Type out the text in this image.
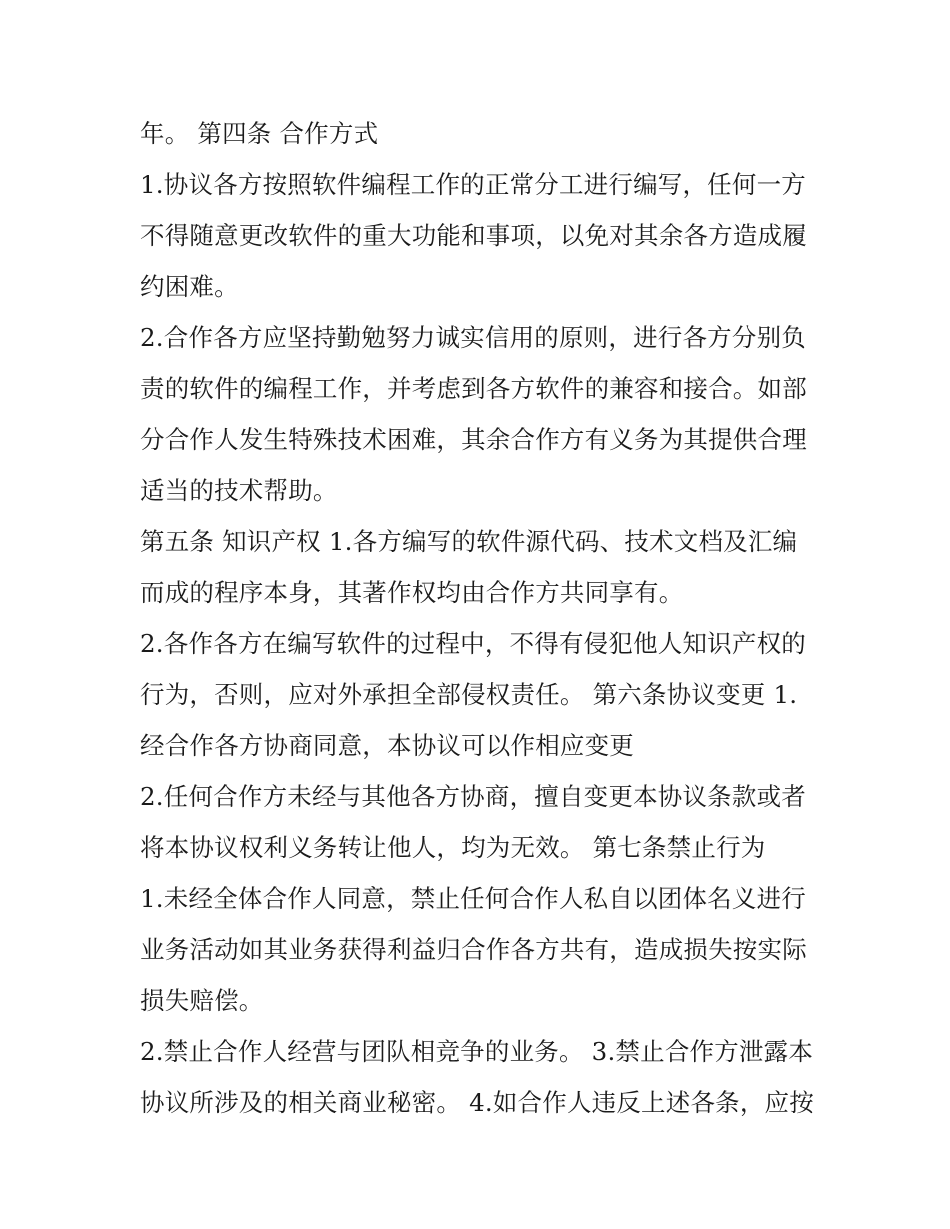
年。 第四条 合作方式
1.协议各方按照软件编程工作的正常分工进行编写，任何一方
不得随意更改软件的重大功能和事项，以免对其余各方造成履
约困难。
2.合作各方应坚持勤勉努力诚实信用的原则，进行各方分别负
责的软件的编程工作，并考虑到各方软件的兼容和接合。如部
分合作人发生特殊技术困难，其余合作方有义务为其提供合理
适当的技术帮助。
第五条 知识产权 1.各方编写的软件源代码、技术文档及汇编
而成的程序本身，其著作权均由合作方共同享有。
2.各作各方在编写软件的过程中，不得有侵犯他人知识产权的
行为，否则，应对外承担全部侵权责任。 第六条协议变更 1.
经合作各方协商同意，本协议可以作相应变更
2.任何合作方未经与其他各方协商，擅自变更本协议条款或者
将本协议权利义务转让他人，均为无效。 第七条禁止行为
1.未经全体合作人同意，禁止任何合作人私自以团体名义进行
业务活动如其业务获得利益归合作各方共有，造成损失按实际
损失赔偿。
2.禁止合作人经营与团队相竞争的业务。 3.禁止合作方泄露本
协议所涉及的相关商业秘密。 4.如合作人违反上述各条，应按
